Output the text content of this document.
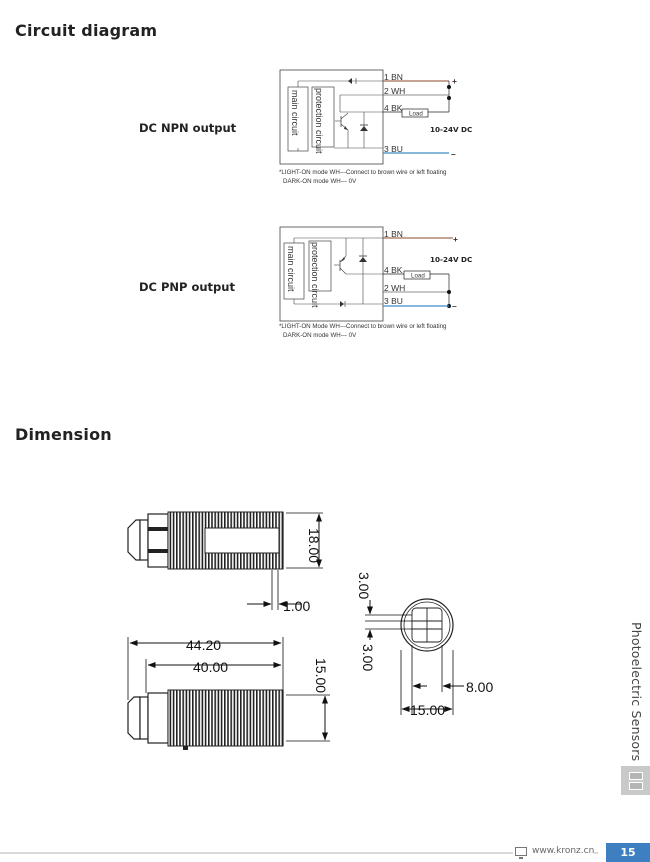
Circuit diagram
DC NPN output	main circuit protection circuit	Load
1 BN
2 WH
4 BK
3 BU
+
–
10-24V DC
*LIGHT-ON mode WH---Connect to brown wire or left floating
DARK-ON mode WH--- 0V
main circuit protection circuit	Load
1 BN
4 BK
2 WH
3 BU
+
–
10-24V DC
*LIGHT-ON Mode WH---Connect to brown wire or left floating
DARK-ON mode WH--- 0V
18.00
1.00
44.20
40.00	15.00
3.00
3.00
8.00
15.00
DC PNP output
Dimension
Photoelectric Sensors
www.kronz.cn	15
